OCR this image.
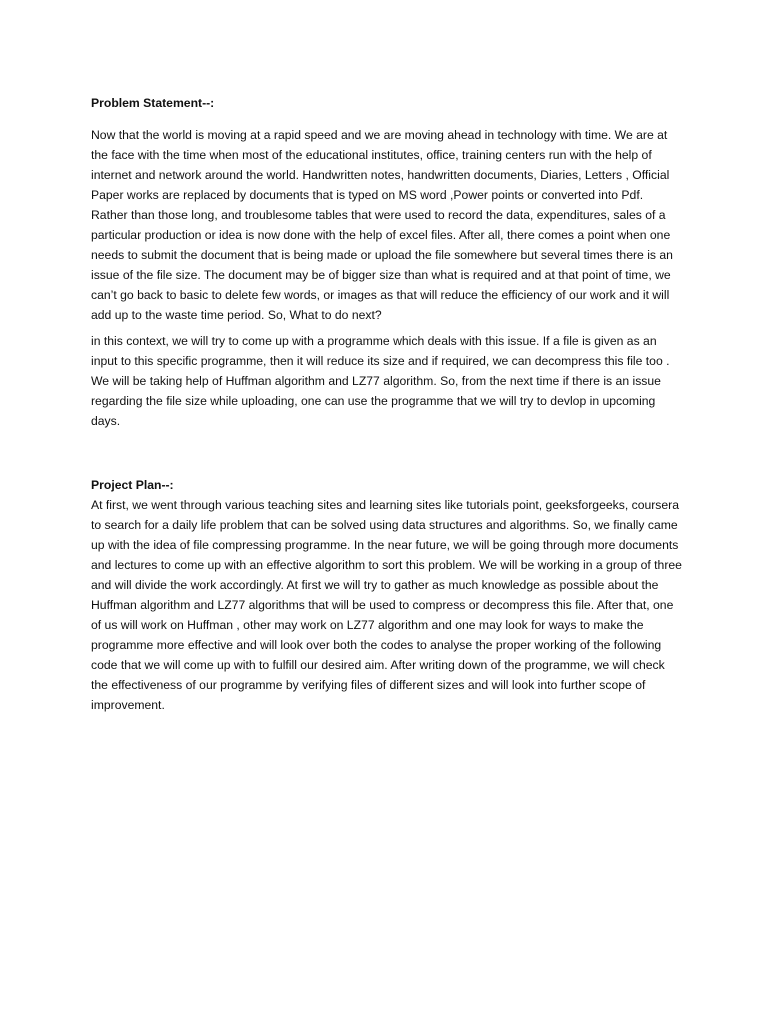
Problem Statement--:

Now that the world is moving at a rapid speed and we are moving ahead in technology with time. We are at the face with the time when most of the educational institutes, office, training centers run with the help of internet and network around the world. Handwritten notes, handwritten documents, Diaries, Letters , Official Paper works are replaced by documents that is typed on MS word ,Power points or converted into Pdf. Rather than those long, and troublesome tables that were used to record the data, expenditures, sales of a particular production or idea is now done with the help of excel files. After all, there comes a point when one needs to submit the document that is being made or upload the file somewhere but several times there is an issue of the file size. The document may be of bigger size than what is required and at that point of time, we can’t go back to basic to delete few words, or images as that will reduce the efficiency of our work and it will add up to the waste time period. So, What to do next?

in this context, we will try to come up with a programme which deals with this issue. If a file is given as an input to this specific programme, then it will reduce its size and if required, we can decompress this file too . We will be taking help of Huffman algorithm and LZ77 algorithm. So, from the next time if there is an issue regarding the file size while uploading, one can use the programme that we will try to devlop in upcoming days.

Project Plan--:

At first, we went through various teaching sites and learning sites like tutorials point, geeksforgeeks, coursera to search for a daily life problem that can be solved using data structures and algorithms. So, we finally came up with the idea of file compressing programme. In the near future, we will be going through more documents and lectures to come up with an effective algorithm to sort this problem. We will be working in a group of three and will divide the work accordingly. At first we will try to gather as much knowledge as possible about the Huffman algorithm and LZ77 algorithms that will be used to compress or decompress this file. After that, one of us will work on Huffman , other may work on LZ77 algorithm and one may look for ways to make the programme more effective and will look over both the codes to analyse the proper working of the following code that we will come up with to fulfill our desired aim. After writing down of the programme, we will check the effectiveness of our programme by verifying files of different sizes and will look into further scope of improvement.
